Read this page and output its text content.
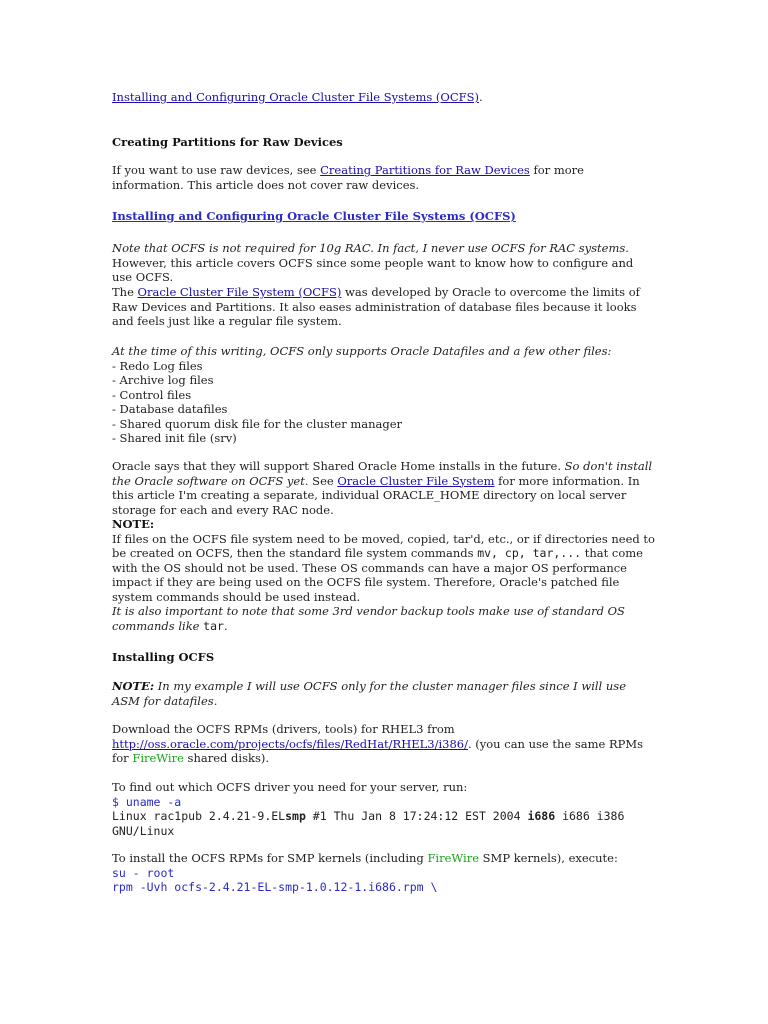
Installing and Configuring Oracle Cluster File Systems (OCFS).

Creating Partitions for Raw Devices

If you want to use raw devices, see Creating Partitions for Raw Devices for more information. This article does not cover raw devices.

Installing and Configuring Oracle Cluster File Systems (OCFS)

Note that OCFS is not required for 10g RAC. In fact, I never use OCFS for RAC systems. However, this article covers OCFS since some people want to know how to configure and use OCFS.

The Oracle Cluster File System (OCFS) was developed by Oracle to overcome the limits of Raw Devices and Partitions. It also eases administration of database files because it looks and feels just like a regular file system.

At the time of this writing, OCFS only supports Oracle Datafiles and a few other files:
- Redo Log files
- Archive log files
- Control files
- Database datafiles
- Shared quorum disk file for the cluster manager
- Shared init file (srv)

Oracle says that they will support Shared Oracle Home installs in the future. So don't install the Oracle software on OCFS yet. See Oracle Cluster File System for more information. In this article I'm creating a separate, individual ORACLE_HOME directory on local server storage for each and every RAC node.

NOTE:
If files on the OCFS file system need to be moved, copied, tar'd, etc., or if directories need to be created on OCFS, then the standard file system commands mv, cp, tar,... that come with the OS should not be used. These OS commands can have a major OS performance impact if they are being used on the OCFS file system. Therefore, Oracle's patched file system commands should be used instead.
It is also important to note that some 3rd vendor backup tools make use of standard OS commands like tar.

Installing OCFS

NOTE: In my example I will use OCFS only for the cluster manager files since I will use ASM for datafiles.

Download the OCFS RPMs (drivers, tools) for RHEL3 from http://oss.oracle.com/projects/ocfs/files/RedHat/RHEL3/i386/. (you can use the same RPMs for FireWire shared disks).

To find out which OCFS driver you need for your server, run:
$ uname -a
Linux rac1pub 2.4.21-9.ELsmp #1 Thu Jan 8 17:24:12 EST 2004 i686 i686 i386 GNU/Linux
To install the OCFS RPMs for SMP kernels (including FireWire SMP kernels), execute:
su - root
rpm -Uvh ocfs-2.4.21-EL-smp-1.0.12-1.i686.rpm \
